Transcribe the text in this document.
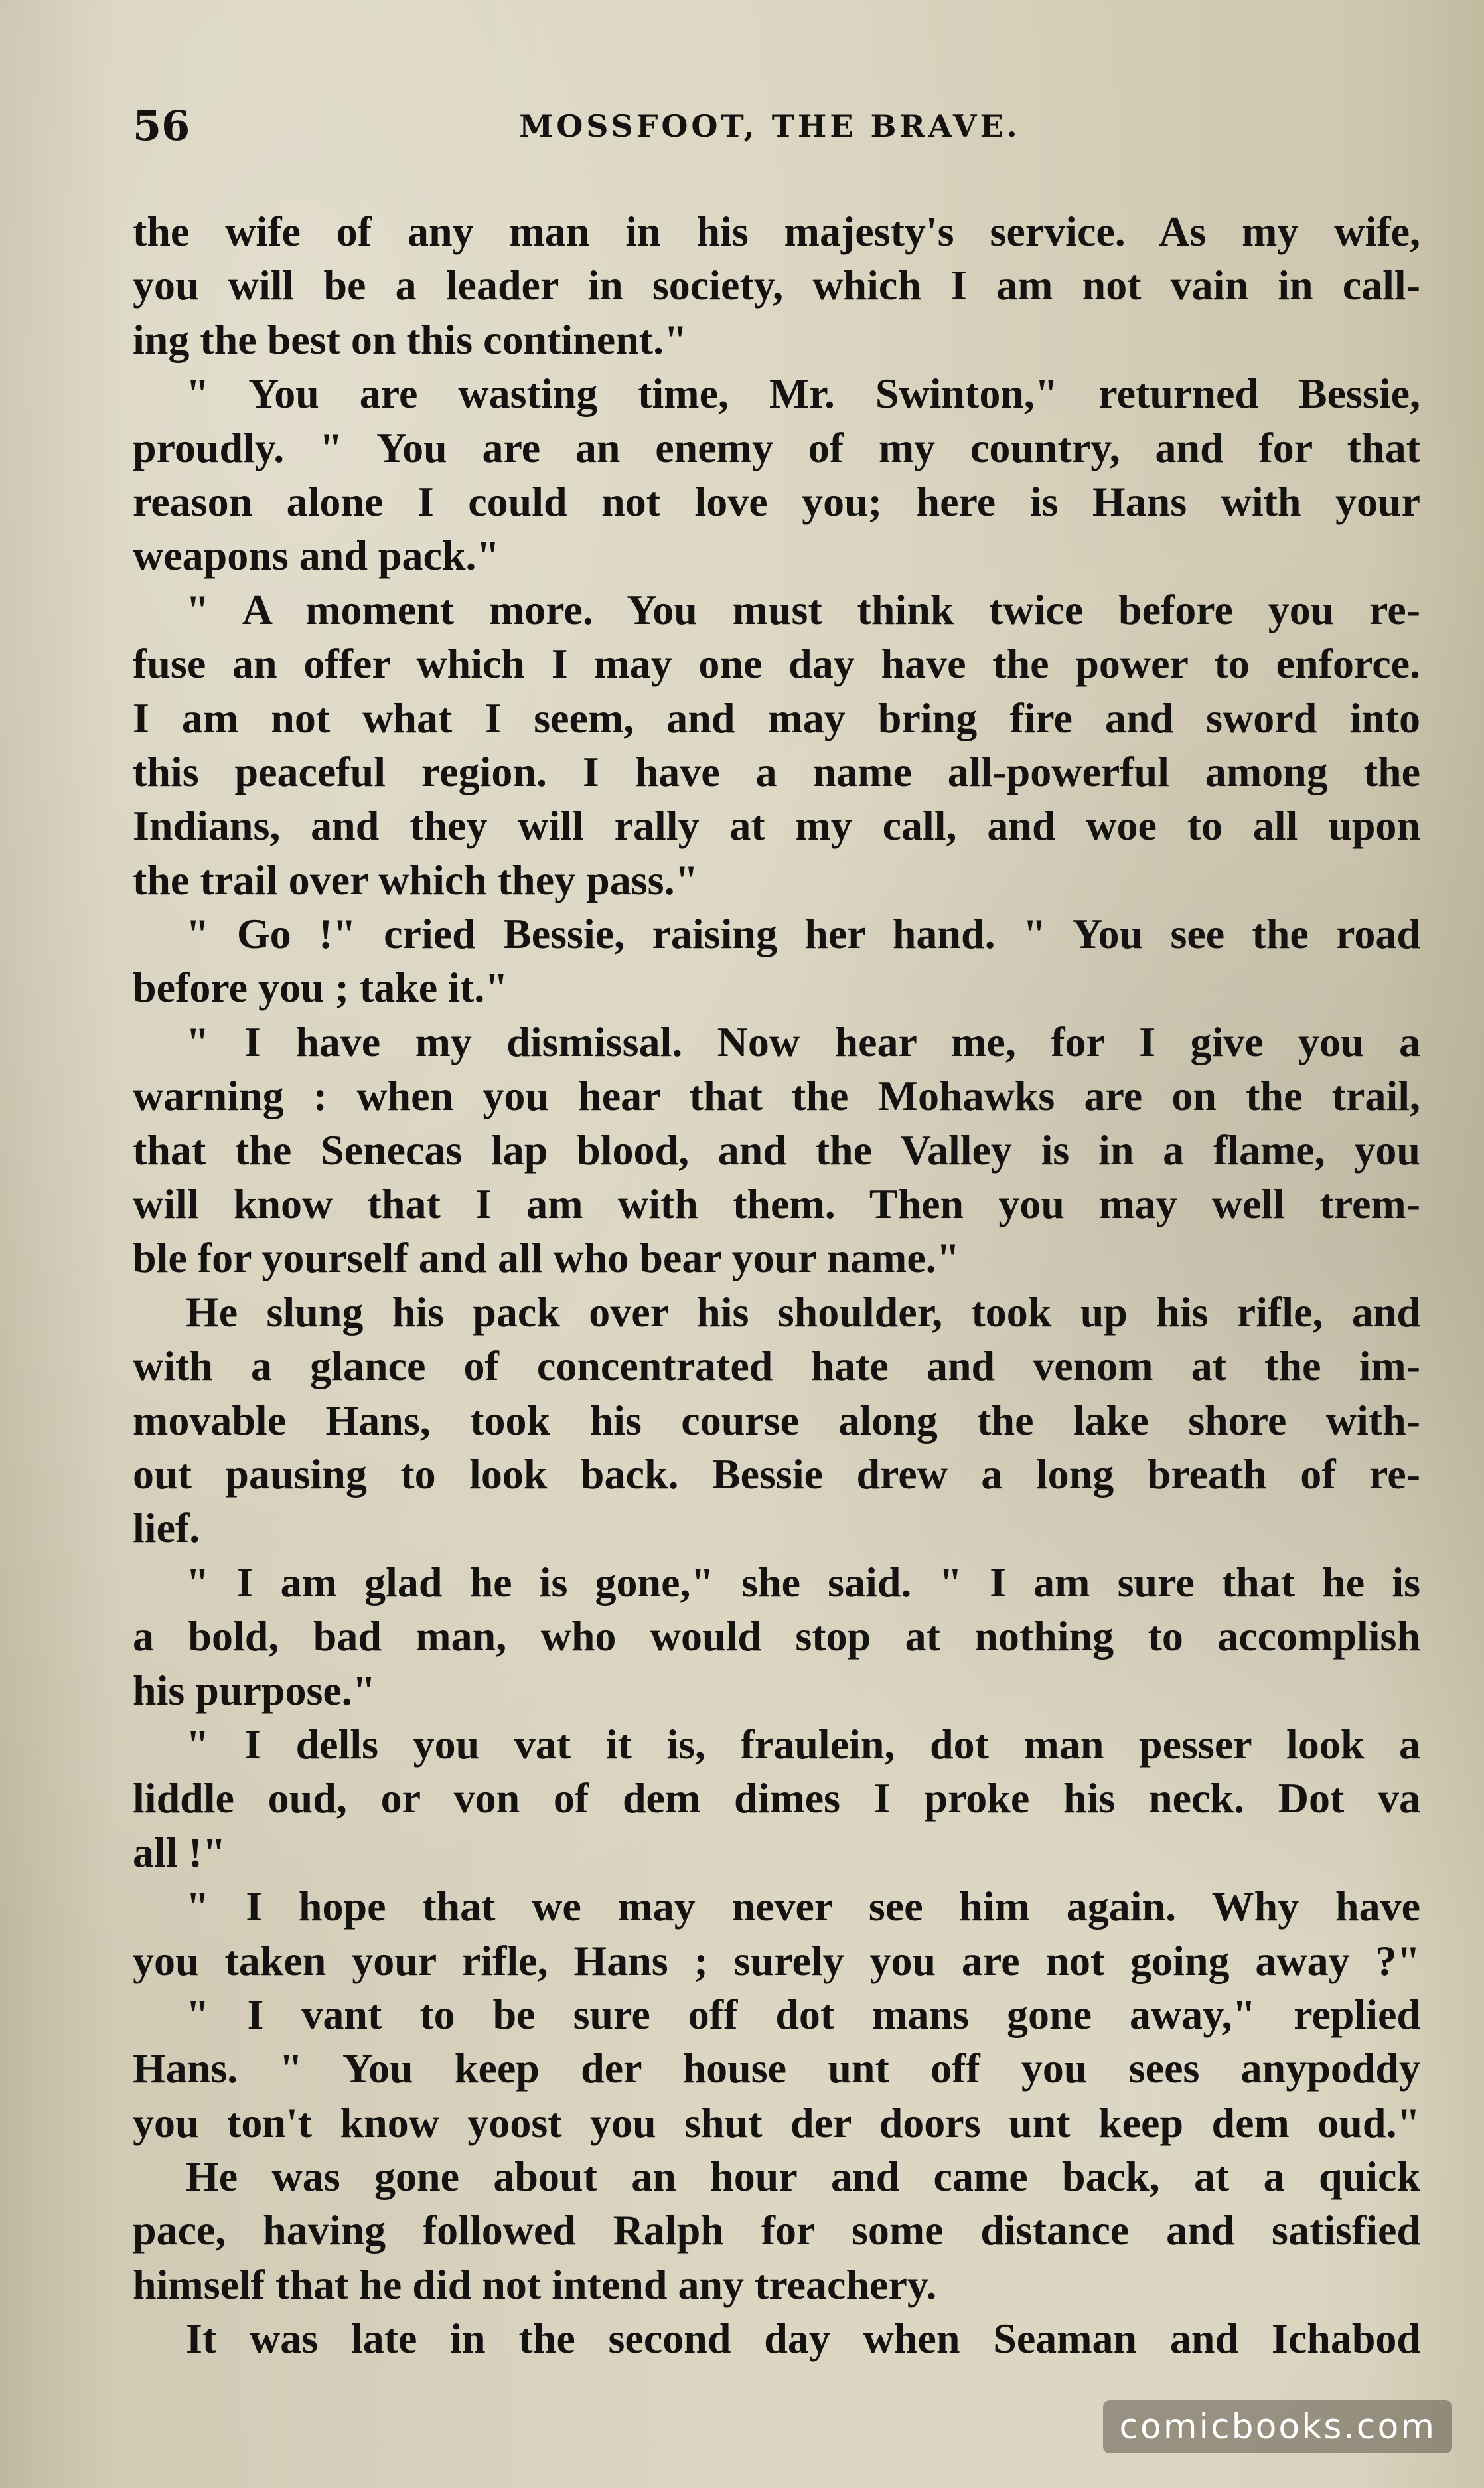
56	MOSSFOOT, THE BRAVE.
the wife of any man in his majesty's service. As my wife,
you will be a leader in society, which I am not vain in call-
ing the best on this continent."
" You are wasting time, Mr. Swinton," returned Bessie,
proudly. " You are an enemy of my country, and for that
reason alone I could not love you; here is Hans with your
weapons and pack."
" A moment more. You must think twice before you re-
fuse an offer which I may one day have the power to enforce.
I am not what I seem, and may bring fire and sword into
this peaceful region. I have a name all-powerful among the
Indians, and they will rally at my call, and woe to all upon
the trail over which they pass."
" Go !" cried Bessie, raising her hand. " You see the road
before you ; take it."
" I have my dismissal. Now hear me, for I give you a
warning : when you hear that the Mohawks are on the trail,
that the Senecas lap blood, and the Valley is in a flame, you
will know that I am with them. Then you may well trem-
ble for yourself and all who bear your name."
He slung his pack over his shoulder, took up his rifle, and
with a glance of concentrated hate and venom at the im-
movable Hans, took his course along the lake shore with-
out pausing to look back. Bessie drew a long breath of re-
lief.
" I am glad he is gone," she said. " I am sure that he is
a bold, bad man, who would stop at nothing to accomplish
his purpose."
" I dells you vat it is, fraulein, dot man pesser look a
liddle oud, or von of dem dimes I proke his neck. Dot va
all !"
" I hope that we may never see him again. Why have
you taken your rifle, Hans ; surely you are not going away ?"
" I vant to be sure off dot mans gone away," replied
Hans. " You keep der house unt off you sees anypoddy
you ton't know yoost you shut der doors unt keep dem oud."
He was gone about an hour and came back, at a quick
pace, having followed Ralph for some distance and satisfied
himself that he did not intend any treachery.
It was late in the second day when Seaman and Ichabod
comicbooks.com
